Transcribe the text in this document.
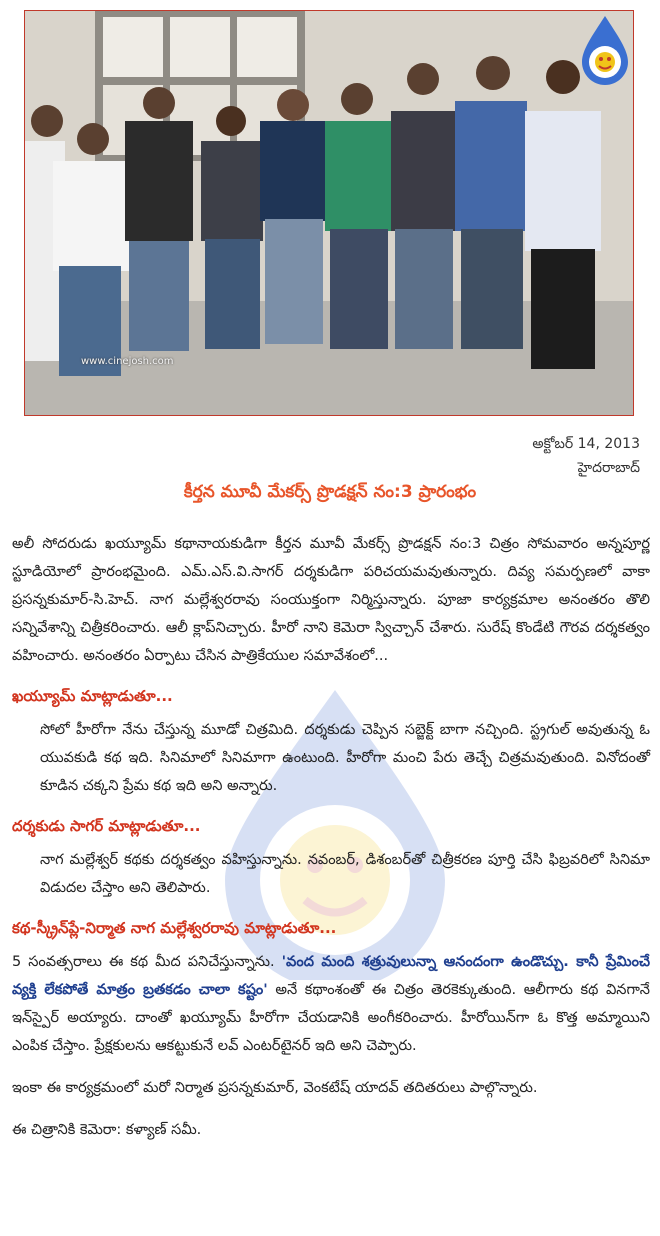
www.cinejosh.com
అక్టోబర్ 14, 2013
హైదరాబాద్
కీర్తన మూవీ మేకర్స్ ప్రొడక్షన్ నం:3 ప్రారంభం

అలీ సోదరుడు ఖయ్యూమ్ కథానాయకుడిగా కీర్తన మూవీ మేకర్స్ ప్రొడక్షన్ నం:3 చిత్రం సోమవారం అన్నపూర్ణ స్టూడియోలో ప్రారంభమైంది. ఎమ్.ఎస్.వి.సాగర్ దర్శకుడిగా పరిచయమవుతున్నారు. దివ్య సమర్పణలో వాకా ప్రసన్నకుమార్-సి.హెచ్. నాగ మల్లేశ్వరరావు సంయుక్తంగా నిర్మిస్తున్నారు. పూజా కార్యక్రమాల అనంతరం తొలి సన్నివేశాన్ని చిత్రీకరించారు. ఆలీ క్లాప్‌నిచ్చారు. హీరో నాని కెమెరా స్విచ్చాన్ చేశారు. సురేష్ కొండేటి గౌరవ దర్శకత్వం వహించారు. అనంతరం ఏర్పాటు చేసిన పాత్రికేయుల సమావేశంలో...

ఖయ్యూమ్ మాట్లాడుతూ...

సోలో హీరోగా నేను చేస్తున్న మూడో చిత్రమిది. దర్శకుడు చెప్పిన సబ్జెక్ట్ బాగా నచ్చింది. స్ట్రగుల్ అవుతున్న ఓ యువకుడి కథ ఇది. సినిమాలో సినిమాగా ఉంటుంది. హీరోగా మంచి పేరు తెచ్చే చిత్రమవుతుంది. వినోదంతో కూడిన చక్కని ప్రేమ కథ ఇది అని అన్నారు.

దర్శకుడు సాగర్ మాట్లాడుతూ...

నాగ మల్లేశ్వర్ కథకు దర్శకత్వం వహిస్తున్నాను. నవంబర్, డిశంబర్‌తో చిత్రీకరణ పూర్తి చేసి ఫిబ్రవరిలో సినిమా విడుదల చేస్తాం అని తెలిపారు.

కథ-స్క్రీన్‌ప్లే-నిర్మాత నాగ మల్లేశ్వరరావు మాట్లాడుతూ...

5 సంవత్సరాలు ఈ కథ మీద పనిచేస్తున్నాను. 'వంద మంది శత్రువులున్నా ఆనందంగా ఉండొచ్చు. కానీ ప్రేమించే వ్యక్తి లేకపోతే మాత్రం బ్రతకడం చాలా కష్టం' అనే కథాంశంతో ఈ చిత్రం తెరకెక్కుతుంది. ఆలీగారు కథ వినగానే ఇన్‌స్పైర్ అయ్యారు. దాంతో ఖయ్యూమ్ హీరోగా చేయడానికి అంగీకరించారు. హీరోయిన్‌గా ఓ కొత్త అమ్మాయిని ఎంపిక చేస్తాం. ప్రేక్షకులను ఆకట్టుకునే లవ్ ఎంటర్‌టైనర్ ఇది అని చెప్పారు.

ఇంకా ఈ కార్యక్రమంలో మరో నిర్మాత ప్రసన్నకుమార్, వెంకటేష్ యాదవ్ తదితరులు పాల్గొన్నారు.

ఈ చిత్రానికి కెమెరా: కళ్యాణ్ సమీ.
